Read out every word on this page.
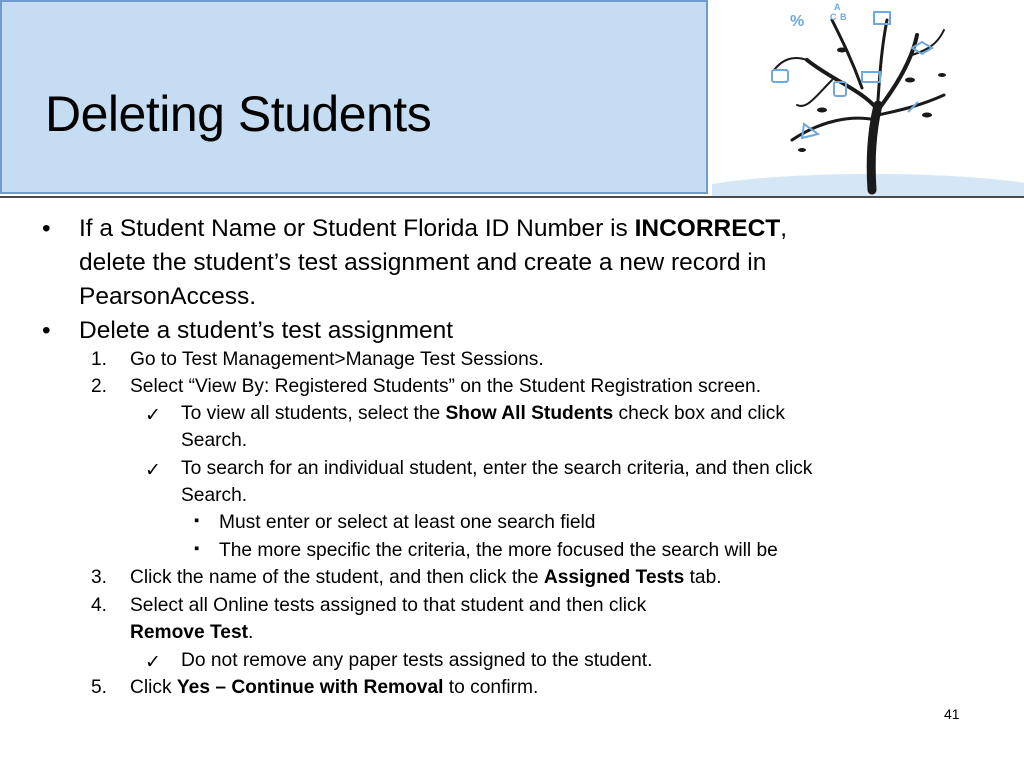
Deleting Students
%
A
C B
• If a Student Name or Student Florida ID Number is INCORRECT,
delete the student’s test assignment and create a new record in
PearsonAccess.
• Delete a student’s test assignment
1. Go to Test Management>Manage Test Sessions.
2. Select “View By: Registered Students” on the Student Registration screen.
✓ To view all students, select the Show All Students check box and click
Search.
✓ To search for an individual student, enter the search criteria, and then click
Search.
▪ Must enter or select at least one search field
▪ The more specific the criteria, the more focused the search will be
3. Click the name of the student, and then click the Assigned Tests tab.
4. Select all Online tests assigned to that student and then click
Remove Test.
✓ Do not remove any paper tests assigned to the student.
5. Click Yes – Continue with Removal to confirm.
41
